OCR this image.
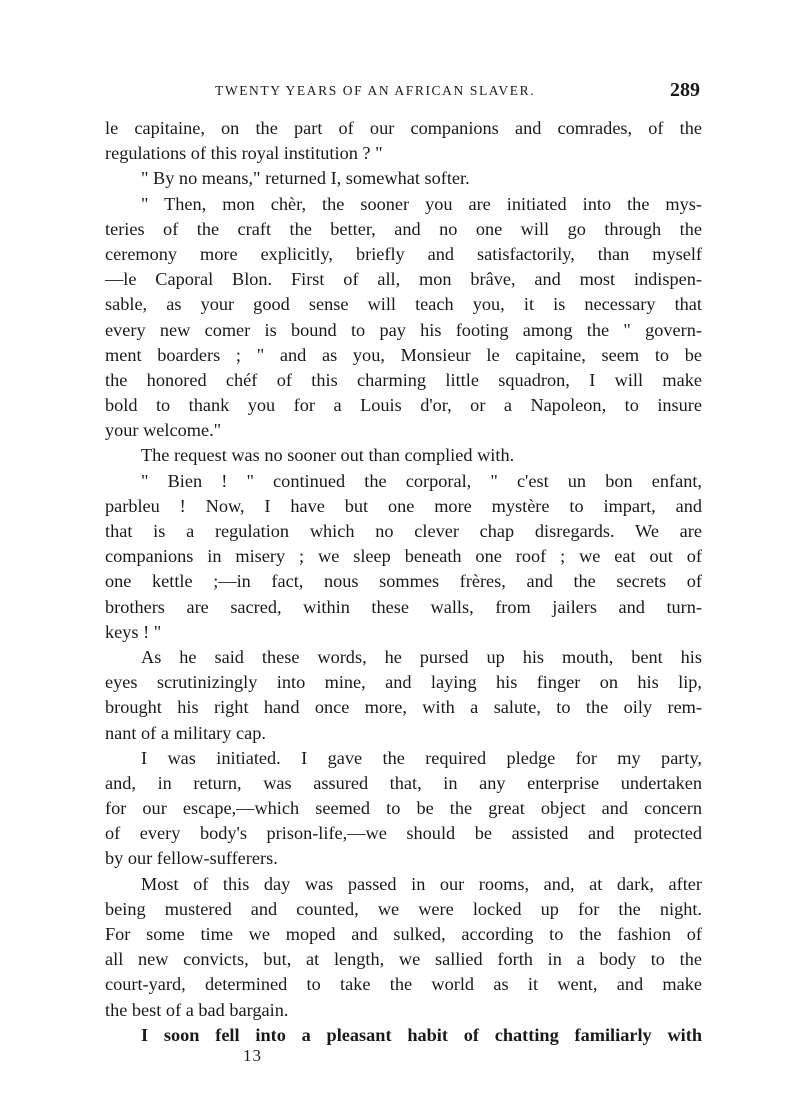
TWENTY YEARS OF AN AFRICAN SLAVER.	289
le capitaine, on the part of our companions and comrades, of the
regulations of this royal institution ? "
" By no means," returned I, somewhat softer.
" Then, mon chèr, the sooner you are initiated into the mys-
teries of the craft the better, and no one will go through the
ceremony more explicitly, briefly and satisfactorily, than myself
—le Caporal Blon. First of all, mon brâve, and most indispen-
sable, as your good sense will teach you, it is necessary that
every new comer is bound to pay his footing among the " govern-
ment boarders ; " and as you, Monsieur le capitaine, seem to be
the honored chéf of this charming little squadron, I will make
bold to thank you for a Louis d'or, or a Napoleon, to insure
your welcome."
The request was no sooner out than complied with.
" Bien ! " continued the corporal, " c'est un bon enfant,
parbleu ! Now, I have but one more mystère to impart, and
that is a regulation which no clever chap disregards. We are
companions in misery ; we sleep beneath one roof ; we eat out of
one kettle ;—in fact, nous sommes frères, and the secrets of
brothers are sacred, within these walls, from jailers and turn-
keys ! "
As he said these words, he pursed up his mouth, bent his
eyes scrutinizingly into mine, and laying his finger on his lip,
brought his right hand once more, with a salute, to the oily rem-
nant of a military cap.
I was initiated. I gave the required pledge for my party,
and, in return, was assured that, in any enterprise undertaken
for our escape,—which seemed to be the great object and concern
of every body's prison-life,—we should be assisted and protected
by our fellow-sufferers.
Most of this day was passed in our rooms, and, at dark, after
being mustered and counted, we were locked up for the night.
For some time we moped and sulked, according to the fashion of
all new convicts, but, at length, we sallied forth in a body to the
court-yard, determined to take the world as it went, and make
the best of a bad bargain.
I soon fell into a pleasant habit of chatting familiarly with
13
